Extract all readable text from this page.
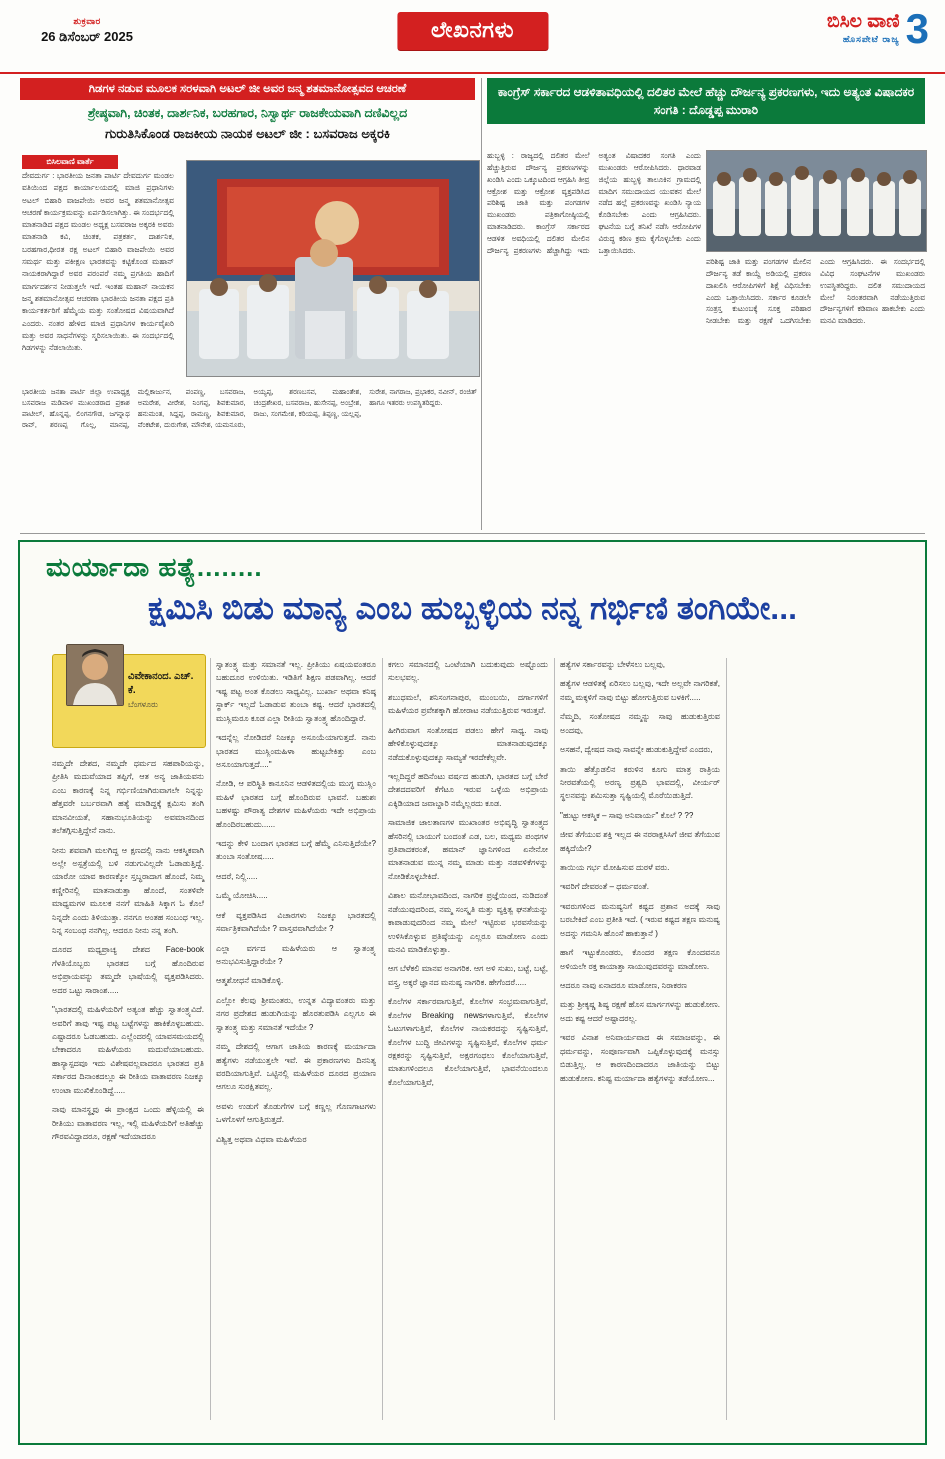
ಶುಕ್ರವಾರ
26 ಡಿಸೆಂಬರ್ 2025	ಲೇಖನಗಳು	ಬಿಸಿಲ ವಾಣಿ
ಹೊಸಪೇಟೆ ರಾಜ್ಯ 3
ಗಿಡಗಳ ನಡುವ ಮೂಲಕ ಸರಳವಾಗಿ ಅಟಲ್ ಜೀ ಅವರ ಜನ್ಮ ಶತಮಾನೋತ್ಸವದ ಆಚರಣೆ
ಶ್ರೇಷ್ಠವಾಗಿ, ಚಿಂತಕ, ದಾರ್ಶನಿಕ, ಬರಹಗಾರ, ನಿಸ್ವಾರ್ಥ ರಾಜಕೇಯವಾಗಿ ದಣಿವಿಲ್ಲದ
ಗುರುತಿಸಿಕೊಂಡ ರಾಜಕೀಯ ನಾಯಕ ಅಟಲ್ ಜೀ : ಬಸವರಾಜ ಅಕ್ಕರಕಿ
ಬಿಸಿಲವಾಣಿ ವಾರ್ತೆ
ದೇವದುರ್ಗ : ಭಾರತೀಯ ಜನತಾ ಪಾರ್ಟಿ ದೇವದುರ್ಗ ಮಂಡಲ ವತಿಯಿಂದ ಪಕ್ಷದ ಕಾರ್ಯಾಲಯದಲ್ಲಿ ಮಾಜಿ ಪ್ರಧಾನಿಗಳು ಅಟಲ್ ಬಿಹಾರಿ ವಾಜಪೇಯಿ ಅವರ ಜನ್ಮ ಶತಮಾನೋತ್ಸವ ಆಚರಣೆ ಕಾರ್ಯಕ್ರಮವನ್ನು ಏರ್ಪಡಿಸಲಾಗಿತ್ತು. ಈ ಸಂದರ್ಭದಲ್ಲಿ ಮಾತನಾಡಿದ ಪಕ್ಷದ ಮಂಡಲ ಅಧ್ಯಕ್ಷ ಬಸವರಾಜ ಅಕ್ಕರಕಿ ಅವರು ಮಾತನಾಡಿ ಕವಿ, ಚಿಂತಕ, ಪತ್ರಕರ್ತ, ದಾರ್ಶನಿಕ, ಬರಹಗಾರ,ಧೀರತ ರಕ್ಷ ಅಟಲ್ ಬಿಹಾರಿ ವಾಜಪೇಯಿ ಅವರ ಸಮರ್ಥ ಮತ್ತು ಪಕೀಕ್ಷಣ ಭಾರತವನ್ನು ಕಟ್ಟಿಕೊಂಡ ಮಹಾನ್ ನಾಯಕರಾಗಿದ್ದಾರೆ ಅವರ ಪರಂಪರೆ ನಮ್ಮ ಪ್ರಗತಿಯ ಹಾದಿಗೆ ಮಾರ್ಗದರ್ಶನ ನೀಡುತ್ತಲೇ ಇದೆ. ಇಂತಹ ಮಹಾನ್ ನಾಯಕನ ಜನ್ಮ ಶತಮಾನೋತ್ಸವ ಆಚರಣಾ ಭಾರತೀಯ ಜನತಾ ಪಕ್ಷದ ಪ್ರತಿ ಕಾರ್ಯಕರ್ತರಿಗೆ ಹೆಮ್ಮೆಯ ಮತ್ತು ಸಂತೋಷದ ವಿಷಯವಾಗಿದೆ ಎಂದರು. ನಂತರ ಹೇಳಿದ ಮಾಜಿ ಪ್ರಧಾನಿಗಳ ಕಾರ್ಯವೈಖರಿ ಮತ್ತು ಅವರ ಸಾಧನೆಗಳನ್ನು ಸ್ಮರಿಸಲಾಯಿತು. ಈ ಸಂದರ್ಭದಲ್ಲಿ ಗಿಡಗಳನ್ನು ನೆಡಲಾಯಿತು.
ಭಾರತೀಯ ಜನತಾ ಪಾರ್ಟಿ ಜಿಲ್ಲಾ ಉಪಾಧ್ಯಕ್ಷ ಬಸವರಾಜ ಮಡಿವಾಳ ಮುಖಂಡರಾದ ಪ್ರಕಾಶ ಪಾಟೀಲ್, ಹೊನ್ನಪ್ಪ, ಲಿಂಗನಗೌಡ, ಜಗನ್ನಾಥ ರಾವ್, ಶರಣಪ್ಪ ಗೊಲ್ಲ, ಮಾನಪ್ಪ, ಮಲ್ಲಿಕಾರ್ಜುನ, ಪಂಪಣ್ಣ, ಬಸವರಾಜ, ಅಮರೇಶ, ವೀರೇಶ, ನಿಂಗಪ್ಪ, ಶಿವಕುಮಾರ, ಹನುಮಂತ, ಸಿದ್ದಪ್ಪ, ರಾಮಣ್ಣ, ಶಿವಕುಮಾರ, ವೆಂಕಟೇಶ, ದುರುಗೇಶ, ಮೌನೇಶ, ಯಮನೂರು, ಅಯ್ಯಪ್ಪ, ಶರಣಬಸವ, ಮಹಾಂತೇಶ, ಚಂದ್ರಶೇಖರ, ಬಸವರಾಜ, ಹುಸೇನಪ್ಪ, ಅಂಬ್ರೇಶ, ರಾಜು, ಸಂಗಮೇಶ, ಕರಿಯಪ್ಪ, ತಿಪ್ಪಣ್ಣ, ಯಲ್ಲಪ್ಪ, ಸುರೇಶ, ನಾಗರಾಜ, ಪ್ರಭಾಕರ, ನವೀನ್, ರಂಜಿತ್ ಹಾಗೂ ಇತರರು ಉಪಸ್ಥಿತರಿದ್ದರು.
ಕಾಂಗ್ರೆಸ್ ಸರ್ಕಾರದ ಆಡಳಿತಾವಧಿಯಲ್ಲಿ ದಲಿತರ ಮೇಲೆ ಹೆಚ್ಚು ದೌರ್ಜನ್ಯ ಪ್ರಕರಣಗಳು, ಇದು ಅತ್ಯಂತ ವಿಷಾದಕರ ಸಂಗತಿ : ದೊಡ್ಡಪ್ಪ ಮುರಾರಿ
ಹುಬ್ಬಳ್ಳಿ : ರಾಜ್ಯದಲ್ಲಿ ದಲಿತರ ಮೇಲೆ ಹೆಚ್ಚುತ್ತಿರುವ ದೌರ್ಜನ್ಯ ಪ್ರಕರಣಗಳನ್ನು ಖಂಡಿಸಿ ಎಂದು ಒಕ್ಕೂಟದಿಂದ ಆಗ್ರಹಿಸಿ ತೀವ್ರ ಆಕ್ರೋಶ ಮತ್ತು ಆಕ್ರೋಶ ವ್ಯಕ್ತಪಡಿಸಿದ ಪರಿಶಿಷ್ಟ ಜಾತಿ ಮತ್ತು ಪಂಗಡಗಳ ಮುಖಂಡರು ಪತ್ರಿಕಾಗೋಷ್ಠಿಯಲ್ಲಿ ಮಾತನಾಡಿದರು. ಕಾಂಗ್ರೆಸ್ ಸರ್ಕಾರದ ಆಡಳಿತ ಅವಧಿಯಲ್ಲಿ ದಲಿತರ ಮೇಲಿನ ದೌರ್ಜನ್ಯ ಪ್ರಕರಣಗಳು ಹೆಚ್ಚಾಗಿದ್ದು ಇದು ಅತ್ಯಂತ ವಿಷಾದಕರ ಸಂಗತಿ ಎಂದು ಮುಖಂಡರು ಆರೋಪಿಸಿದರು. ಧಾರವಾಡ ಜಿಲ್ಲೆಯ ಹುಬ್ಬಳ್ಳಿ ತಾಲೂಕಿನ ಗ್ರಾಮದಲ್ಲಿ ಮಾದಿಗ ಸಮುದಾಯದ ಯುವಕನ ಮೇಲೆ ನಡೆದ ಹಲ್ಲೆ ಪ್ರಕರಣವನ್ನು ಖಂಡಿಸಿ ನ್ಯಾಯ ಕೊಡಿಸಬೇಕು ಎಂದು ಆಗ್ರಹಿಸಿದರು. ಘಟನೆಯ ಬಗ್ಗೆ ತನಿಖೆ ನಡೆಸಿ ಆರೋಪಿಗಳ ವಿರುದ್ಧ ಕಠಿಣ ಕ್ರಮ ಕೈಗೊಳ್ಳಬೇಕು ಎಂದು ಒತ್ತಾಯಿಸಿದರು.
ಪರಿಶಿಷ್ಟ ಜಾತಿ ಮತ್ತು ಪಂಗಡಗಳ ಮೇಲಿನ ದೌರ್ಜನ್ಯ ತಡೆ ಕಾಯ್ದೆ ಅಡಿಯಲ್ಲಿ ಪ್ರಕರಣ ದಾಖಲಿಸಿ ಆರೋಪಿಗಳಿಗೆ ಶಿಕ್ಷೆ ವಿಧಿಸಬೇಕು ಎಂದು ಒತ್ತಾಯಿಸಿದರು. ಸರ್ಕಾರ ಕೂಡಲೇ ಸಂತ್ರಸ್ತ ಕುಟುಂಬಕ್ಕೆ ಸೂಕ್ತ ಪರಿಹಾರ ನೀಡಬೇಕು ಮತ್ತು ರಕ್ಷಣೆ ಒದಗಿಸಬೇಕು ಎಂದು ಆಗ್ರಹಿಸಿದರು. ಈ ಸಂದರ್ಭದಲ್ಲಿ ವಿವಿಧ ಸಂಘಟನೆಗಳ ಮುಖಂಡರು ಉಪಸ್ಥಿತರಿದ್ದರು. ದಲಿತ ಸಮುದಾಯದ ಮೇಲೆ ನಿರಂತರವಾಗಿ ನಡೆಯುತ್ತಿರುವ ದೌರ್ಜನ್ಯಗಳಿಗೆ ಕಡಿವಾಣ ಹಾಕಬೇಕು ಎಂದು ಮನವಿ ಮಾಡಿದರು.
ಮರ್ಯಾದಾ ಹತ್ಯೆ........
ಕ್ಷಮಿಸಿ ಬಿಡು ಮಾನ್ಯ ಎಂಬ ಹುಬ್ಬಳ್ಳಿಯ ನನ್ನ ಗರ್ಭಿಣಿ ತಂಗಿಯೇ...
ವಿವೇಕಾನಂದ. ಎಚ್. ಕೆ.
ಬೆಂಗಳೂರು

ನಮ್ಮದೇ ದೇಶದ, ನಮ್ಮದೇ ಧರ್ಮದ ಸಹಪಾಠಿಯನ್ನು, ಪ್ರೀತಿಸಿ ಮದುವೆಯಾದ ತಪ್ಪಿಗೆ, ಆತ ಅನ್ಯ ಜಾತಿಯವನು ಎಂಬ ಕಾರಣಕ್ಕೆ ನಿನ್ನ ಗರ್ಭಿಣಿಯಾಗಿರುವಾಗಲೇ ನಿನ್ನನ್ನು ಹೆತ್ತವರೇ ಬರ್ಬರವಾಗಿ ಹತ್ಯೆ ಮಾಡಿದ್ದಕ್ಕೆ ಕ್ಷಮಿಸು ತಂಗಿ ಮಾನವೀಯತೆ, ಸಹಾನುಭೂತಿಯನ್ನು ಅವಮಾನದಿಂದ ತಲೆತಗ್ಗಿಸುತ್ತಿದ್ದೇನೆ ನಾನು.

ನೀನು ಶವವಾಗಿ ಮಲಗಿದ್ದ ಆ ಕ್ಷಣದಲ್ಲಿ ನಾನು ಆಕಸ್ಮಿಕವಾಗಿ ಅಲ್ಲೇ ಅಸ್ಪತ್ರೆಯಲ್ಲಿ ಬಳಿ ನಡುಗುವಿಲ್ಲದೇ ಓಡಾಡುತ್ತಿದ್ದೆ. ಯಾರೋ ಯಾವ ಕಾರಣಕ್ಕೋ ಸ್ತಬ್ಧರಾದಾಗ ಹೊಂದೆ, ನಿಮ್ಮ ಕಣ್ಣೀರಿನಲ್ಲಿ ಮಾತನಾಡುತ್ತಾ ಹೊಂದೆ, ಸಂತಳಿವೇ ಮಾಧ್ಯಮಗಳ ಮೂಲಕ ನನಗೆ ಮಾಹಿತಿ ಸಿಕ್ಕಾಗ ಓ ಕೊಲೆ ನಿನ್ನದೇ ಎಂದು ತಿಳಿಯುತ್ತಾ. ನನಗೂ ಅಂತಹ ಸಂಬಂಧ ಇಲ್ಲ. ನಿನ್ನ ಸಂಬಂಧ ನನಗಿಲ್ಲ. ಆದರೂ ನೀನು ನನ್ನ ತಂಗಿ.

ದೂರದ ಮಧ್ಯಪ್ರಾಚ್ಯ ದೇಶದ Face-book ಗೆಳತಿಯೊಬ್ಬರು ಭಾರತದ ಬಗ್ಗೆ ಹೊಂದಿರುವ ಅಭಿಪ್ರಾಯವನ್ನು ತಮ್ಮದೇ ಭಾಷೆಯಲ್ಲಿ ವ್ಯಕ್ತಪಡಿಸಿದರು. ಅದರ ಒಟ್ಟು ಸಾರಾಂಶ.....

"ಭಾರತದಲ್ಲಿ ಮಹಿಳೆಯರಿಗೆ ಅತ್ಯಂತ ಹೆಚ್ಚು ಸ್ವಾತಂತ್ರ್ಯವಿದೆ. ಅವರಿಗೆ ತಾವು ಇಷ್ಟ ಪಟ್ಟ ಬಟ್ಟೆಗಳನ್ನು ಹಾಕಿಕೊಳ್ಳಬಹುದು. ಎಷ್ಟಾದರೂ ಓಡಬಹುದು. ಎಲ್ಲೆಂದರಲ್ಲಿ ಯಾವಸಮಯದಲ್ಲಿ ಬೇಕಾದರೂ ಮಹಿಳೆಯರು ಮದುವೆಯಾಬಹುದು. ಹಾಸ್ಯಾಸ್ಪದವೂ ಇದು ವಿಶೇಷವಲ್ಲವಾದರೂ ಭಾರತದ ಪ್ರತಿ ಸರ್ಕಾರದ ದಿನಾಂಕದಲ್ಲೂ ಈ ರೀತಿಯ ವಾತಾವರಣ ನಿಜಕ್ಕೂ ಉಂಟಾ ಮುಖಿಕೊಂಡಿದ್ದೆ.....

ನಾವು ಮಾನಸ್ಥೃವು ಈ ಪ್ರಾಂಕ್ಷದ ಒಂದು ಹೆಳ್ಳಿಯಲ್ಲಿ ಈ ರೀತಿಯು ವಾತಾವರಣ ಇಲ್ಲ, ಇಲ್ಲಿ ಮಹಿಳೆಯರಿಗೆ ಅತಿಹೆಚ್ಚು ಗೌರವವಿದ್ದಾದರೂ, ರಕ್ಷಣೆ ಇದೆಯಾದರೂ

ಸ್ವಾತಂತ್ರ್ಯ ಮತ್ತು ಸಮಾನತೆ ಇಲ್ಲ. ಪ್ರೀತಿಯು ಏಷಯವಂತರೂ ಬಹುದೂರ ಉಳಿಯಿತು. ಇಡಿತಿಗೆ ಶಿಕ್ಷಣ ಪಡವಾಗಿಲ್ಲ. ಆದರೆ ಇಷ್ಟ ಪಟ್ಟ ಅಂತ ಕೊಡಲು ಸಾಧ್ಯವಿಲ್ಲ. ಬುರ್ಖಾ ಅಥವಾ ಕನಿಷ್ಠ ಸ್ಥಾರ್ಕ್ ಇಲ್ಲದೆ ಓಡಾಡುವ ತುಂಬಾ ಕಷ್ಟ. ಆದರೆ ಭಾರತದಲ್ಲಿ ಮುಸ್ಲಿಮರೂ ಕೂಡ ಎಲ್ಲಾ ರೀತಿಯ ಸ್ವಾತಂತ್ರ್ಯ ಹೊಂದಿದ್ದಾರೆ.

ಇದನ್ನೆಲ್ಲ ನೋಡಿದರೆ ನಿಜಕ್ಕೂ ಅಸೂಯೆಯಾಗುತ್ತದೆ. ನಾನು ಭಾರತದ ಮುಸ್ಲಿಂಮಹಿಳಾ ಹುಟ್ಟಬೇಕಿತ್ತು ಎಂಬ ಅಸೂಯಾಗುತ್ತದೆ...."

ನೋಡಿ, ಆ ಪರಿಸ್ಥಿತಿ ಕಾನೂನಿನ ಆಡಳಿತದಲ್ಲಿಯ ಮುಗ್ಧ ಮುಸ್ಲಿಂ ಮಹಿಳೆ ಭಾರತದ ಬಗ್ಗೆ ಹೊಂದಿರುವ ಭಾವನೆ. ಬಹುಶಃ ಬಹಳಷ್ಟು ಪೌರಾತ್ಯ ದೇಶಗಳ ಮಹಿಳೆಯರು ಇದೇ ಅಭಿಪ್ರಾಯ ಹೊಂದಿರಬಹುದು......

ಇದನ್ನು ಕೇಳಿ ಬಂದಾಗ ಭಾರತದ ಬಗ್ಗೆ ಹೆಮ್ಮೆ ಎನಿಸುತ್ತಿದೆಯೇ? ತುಂಬಾ ಸಂತೋಷ.....

ಆದರೆ, ನಿಲ್ಲಿ.....

ಒಮ್ಮೆ ಯೋಚಿಸಿ.....

ಆಕೆ ವ್ಯಕ್ತಪಡಿಸಿದ ವಿಚಾರಗಳು ನಿಜಕ್ಕೂ ಭಾರತದಲ್ಲಿ ಸರ್ವಾತ್ರಿಕವಾಗಿದೆಯೇ ? ವಾಸ್ತವವಾಗಿದೆಯೇ ?

ಎಲ್ಲಾ ವರ್ಗದ ಮಹಿಳೆಯರು ಆ ಸ್ವಾತಂತ್ರ್ಯ ಅನುಭವಿಸುತ್ತಿದ್ದಾರೆಯೇ ?

ಆತ್ಮಶೋಧನೆ ಮಾಡಿಕೊಳ್ಳಿ.

ಎಲ್ಲೋ ಕೆಲವು ಶ್ರೀಮಂತರು, ಉನ್ನತ ವಿದ್ಯಾವಂತರು ಮತ್ತು ನಗರ ಪ್ರದೇಶದ ಹುಡುಗಿಯನ್ನು ಹೊರತುಪಡಿಸಿ ಎಲ್ಲಗೂ ಈ ಸ್ವಾತಂತ್ರ್ಯ ಮತ್ತು ಸಮಾನತೆ ಇದೆಯೇ ?

ನಮ್ಮ ದೇಶದಲ್ಲಿ ಆಗಾಗ ಜಾತಿಯ ಕಾರಣಕ್ಕೆ ಮರ್ಯಾದಾ ಹತ್ಯೆಗಳು ನಡೆಯುತ್ತಲೇ ಇವೆ. ಈ ಪ್ರಕಾರಣಗಳು ದಿನನಿತ್ಯ ವರದಿಯಾಗುತ್ತಿವೆ. ಒಟ್ಟಿನಲ್ಲಿ ಮಹಿಳೆಯರ ದೂರದ ಪ್ರಯಾಣ ಆಗಲೂ ಸುರಕ್ಷಿತವಲ್ಲ.

ಅವಳು ಉಡುಗೆ ತೊಡುಗೆಗಳ ಬಗ್ಗೆ ಕಣ್ಣಲ್ಲ ಗೊಣಗಾಟಗಳು ಒಳಗೊಳಗೆ ಆಗುತ್ತಿರುತ್ತದೆ.

ವಿಶ್ವಿತ್ತ ಅಥವಾ ವಿಧವಾ ಮಹಿಳೆಯರ

ಕಗಲು ಸಮಾನದಲ್ಲಿ ಒಂಟೆಯಾಗಿ ಬದುಕುವುದು ಅಷ್ಟೊಂದು ಸುಲಭವಲ್ಲ.

ಶಬುಧಮಲೆ, ಶನಿಸಂಗನಾಪುರ, ಮುಂಬಯಿ, ದರ್ಗಾಗಳಿಗೆ ಮಹಿಳೆಯರ ಪ್ರವೇಶಕ್ಕಾಗಿ ಹೋರಾಟ ನಡೆಯುತ್ತಿರುವ ಇರುತ್ತವೆ.

ಹೀಗಿರುವಾಗ ಸಂತೋಷದ ಪಡಲು ಹೇಗೆ ಸಾಧ್ಯ. ನಾವು ಹೇಳಿಕೊಳ್ಳುವುದಕ್ಕೂ ಮಾತನಾಡುವುದಕ್ಕೂ ನಡೆದುಕೊಳ್ಳುವುದಕ್ಕೂ ಸಾಮ್ಯತೆ ಇರದೇಕೆಲ್ಲವೇ.

ಇಲ್ಲದಿದ್ದರೆ ಹದಿನೆಂಟು ವರ್ಷದ ಹುಡುಗಿ, ಭಾರತದ ಬಗ್ಗೆ ಬೇರೆ ದೇಶದದವರಿಗೆ ಕೆಗೆಟೂ ಇರುವ ಒಳ್ಳೆಯ ಅಭಿಪ್ರಾಯ ಎಕ್ಕಿಡಿಯಾದ ಜವಾಬ್ದಾರಿ ನಮ್ಮೆಲ್ಲರದು ಕೂಡ.

ಸಾಮಾಜಿಕ ಜಾಲತಾಣಗಳ ಮುಖಾಂತರ ಅಭಿವೃದ್ಧಿ ಸ್ವಾತಂತ್ರ್ಯದ ಹೆಸರಿನಲ್ಲಿ ಬಾಯುಗೆ ಬಂದಂತೆ ಎಡ, ಬಲ, ಮಧ್ಯಮ ಪಂಥಗಳ ಪ್ರತಿಪಾದಕರಂತೆ, ಹಮಾನ್ ಜ್ಞಾನಿಗಳಿಂದ ಏನೇನೋ ಮಾತನಾಡುವ ಮುನ್ನ ನಮ್ಮ ಮಾಡು ಮತ್ತು ನಡವಳಿಕೆಗಳನ್ನು ನೋಡಿಕೊಳ್ಳಬೇಕಿದೆ.

ವಿಶಾಲ ಮನೋಭಾವದಿಂದ, ನಾಗರಿಕ ಪ್ರಜ್ಞೆಯಿಂದ, ನುಡಿದಂತೆ ನಡೆಯುವುದರಿಂದ, ನಮ್ಮ ಸಂಸ್ಕೃತಿ ಮತ್ತು ವ್ಯಕ್ತಿತ್ವ ಘನತೆಯನ್ನು ಕಾಪಾಡುವುದರಿಂದ ನಮ್ಮ ಮೇಲೆ ಇಟ್ಟಿರುವ ಭರವಸೆಯನ್ನು ಉಳಿಸಿಕೊಳ್ಳುವ ಪ್ರತಿಷ್ಠೆಯನ್ನು ಎಲ್ಲರೂ ಮಾಡೋಣ ಎಂದು ಮನವಿ ಮಾಡಿಕೊಳ್ಳುತ್ತಾ.

ಆಗ ಬೆಳೆಕಲಿ ಮಾನವ ಅನಾಗರಿಕ. ಆಗ ಅಳಿ ಸುಖು, ಬಟ್ಟೆ, ಬಟ್ಟೆ, ವಸ್ತ್ರ, ಅಕ್ಕರೆ ಜ್ಞಾನದ ಮನುಷ್ಯ ನಾಗರಿಕ. ಹೇಗೆಂದರೆ.....

ಕೊಲೆಗಳ ಸರ್ಕಾರವಾಗುತ್ತಿವೆ, ಕೊಲೆಗಳ ಸಂಭ್ರಮವಾಗುತ್ತಿವೆ, ಕೊಲೆಗಳ Breaking newsಗಳಾಗುತ್ತಿವೆ, ಕೊಲೆಗಳ ಓಟುಗಳಾಗುತ್ತಿವೆ, ಕೊಲೆಗಳ ನಾಯಕರದನ್ನು ಸೃಷ್ಟಿಸುತ್ತಿವೆ, ಕೊಲೆಗಳ ಬುದ್ಧಿ ಜೀವಿಗಳನ್ನು ಸೃಷ್ಟಿಸುತ್ತಿವೆ, ಕೊಲೆಗಳ ಧರ್ಮ ರಕ್ಷಕರನ್ನು ಸೃಷ್ಟಿಸುತ್ತಿವೆ, ಅಕ್ಷರಗಂಧಲು ಕೊಲೆಯಾಗುತ್ತಿವೆ, ಮಾತುಗಳಿಂದಲೂ ಕೊಲೆಯಾಗುತ್ತಿವೆ, ಭಾವನೆಯಿಂದಲೂ ಕೊಲೆಯಾಗುತ್ತಿವೆ,

ಹತ್ಯೆಗಳ ಸರ್ಕಾರವನ್ನು ಬೇಳೆಸಲು ಬಲ್ಲವು,

ಹತ್ಯೆಗಳ ಆಡಳಿತಕ್ಕೆ ಏರಿಸಲು ಬಲ್ಲವು, ಇದೇ ಅಲ್ಲವೇ ನಾಗರಿಕತೆ, ನಮ್ಮ ಮಕ್ಕಳಿಗೆ ನಾವು ಬಿಟ್ಟು ಹೋಗುತ್ತಿರುವ ಬಳಕಿಗೆ.....

ನೆಮ್ಮದಿ, ಸಂತೋಷದ ನಮ್ಮನ್ನು ಸಾವು ಹುಡುಕುತ್ತಿರುವ ಅಂದವು,

ಅಸಹನೆ, ದ್ವೇಷದ ನಾವು ಸಾವನ್ನೇ ಹುಡುಕುತ್ತಿದ್ದೇವೆ ಎಂದರು,

ತಾಯಿ ಹೆತ್ತೊಡಲಿನ ಕರುಳಿನ ಕೂಗು ಮಾತ್ರ ರಾತ್ರಿಯ ನೀರವತೆಯಲ್ಲಿ ಅರಣ್ಯ ಪ್ರಶ್ವದಿ ಭಾವದಲ್ಲಿ, ವೀರ್ಯರ್ ಸ್ಥಲನವನ್ನು ಶಮಿಸುತ್ತಾ ಸೃಷ್ಟಿಯಲ್ಲಿ ಮೊರೆಯಿಡುತ್ತಿದೆ.

"ಹುಟ್ಟು ಆಕಸ್ಮಿಕ – ಸಾವು ಅನಿವಾರ್ಯ" ಕೊಲೆ ? ??

ಜೀವ ತೆಗೆಯುವ ಶಕ್ತಿ ಇಲ್ಲದ ಈ ನರರಾಕ್ಷಸಿಸಿಗೆ ಜೀವ ತೆಗೆಯುವ ಹಕ್ಕಿದೆಯೇ?

ತಾಯಿಯ ಗರ್ಭ ಮೋಹಿಸುವ ದುರಳೆ ವರು.

ಇವರಿಗೆ ದೇವರಂತೆ – ಧರ್ಮವಂತೆ.

ಇವರುಗಳಿಂದ ಮನುಷ್ಯನಿಗೆ ಕಷ್ಟದ ಪ್ರಶಾನ ಅದಕ್ಕೆ ಸಾವು ಬರಬೇಕಿದೆ ಎಂಬ ಪ್ರತೀತಿ ಇದೆ. ( ಇರುವ ಕಷ್ಟದ ತಕ್ಷಣ ಮನುಷ್ಯ ಅದನ್ನು ಗಮನಿಸಿ ಹೊಂಸೆ ಹಾಕುತ್ತಾನೆ )

ಹಾಗೆ ಇಟ್ಟುಕೊಂಡರು, ಕೊಂದರ ತಕ್ಷಣ ಕೊಂದವನೂ ಅಳಿಯಲೇ ರಕ್ತ ಕಾಯಾತ್ತಾ ಸಾಯುವುದವರನ್ನು ಮಾಡೋಣ.

ಆದರೂ ನಾವು ಏನಾದರೂ ಮಾಡೋಣ, ನಿರಾಕರಣ

ಮತ್ತು ಶ್ರೀಕೃಷ್ಣ ಶಿಷ್ಯ ರಕ್ಷಣೆ ಹೊಸ ಮಾರ್ಗಗಳನ್ನು ಹುಡುಕೋಣ. ಅದು ಕಷ್ಟ ಆದರೆ ಅಷ್ಟಾದರಲ್ಲ.

ಇವರ ವಿನಾಶ ಅನಿವಾರ್ಯವಾದ ಈ ಸಮಾಜವನ್ನು, ಈ ಧರ್ಮವನ್ನು, ಸಂಪೂರ್ಣವಾಗಿ ಒಪ್ಪಿಕೊಳ್ಳುವುದಕ್ಕೆ ಮನಸ್ಸು ಬಿಡುತ್ತಿಲ್ಲ. ಆ ಕಾರಣದಿಂದಾದರೂ ಜಾತಿಯನ್ನು ಬಿಟ್ಟು ಹುಡುಕೋಣ. ಕನಿಷ್ಟ ಮರ್ಯಾದಾ ಹತ್ಯೆಗಳನ್ನು ತಡೆಯೋಣ...
